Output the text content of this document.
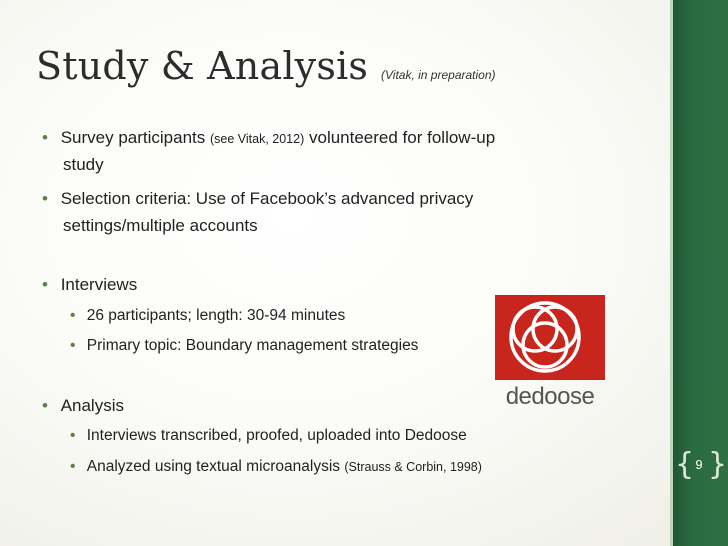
Study & Analysis (Vitak, in preparation)
• Survey participants (see Vitak, 2012) volunteered for follow-up
study
• Selection criteria: Use of Facebook’s advanced privacy
settings/multiple accounts
• Interviews
• 26 participants; length: 30-94 minutes
• Primary topic: Boundary management strategies
• Analysis
• Interviews transcribed, proofed, uploaded into Dedoose
• Analyzed using textual microanalysis (Strauss & Corbin, 1998)
dedoose
{ 9 }
